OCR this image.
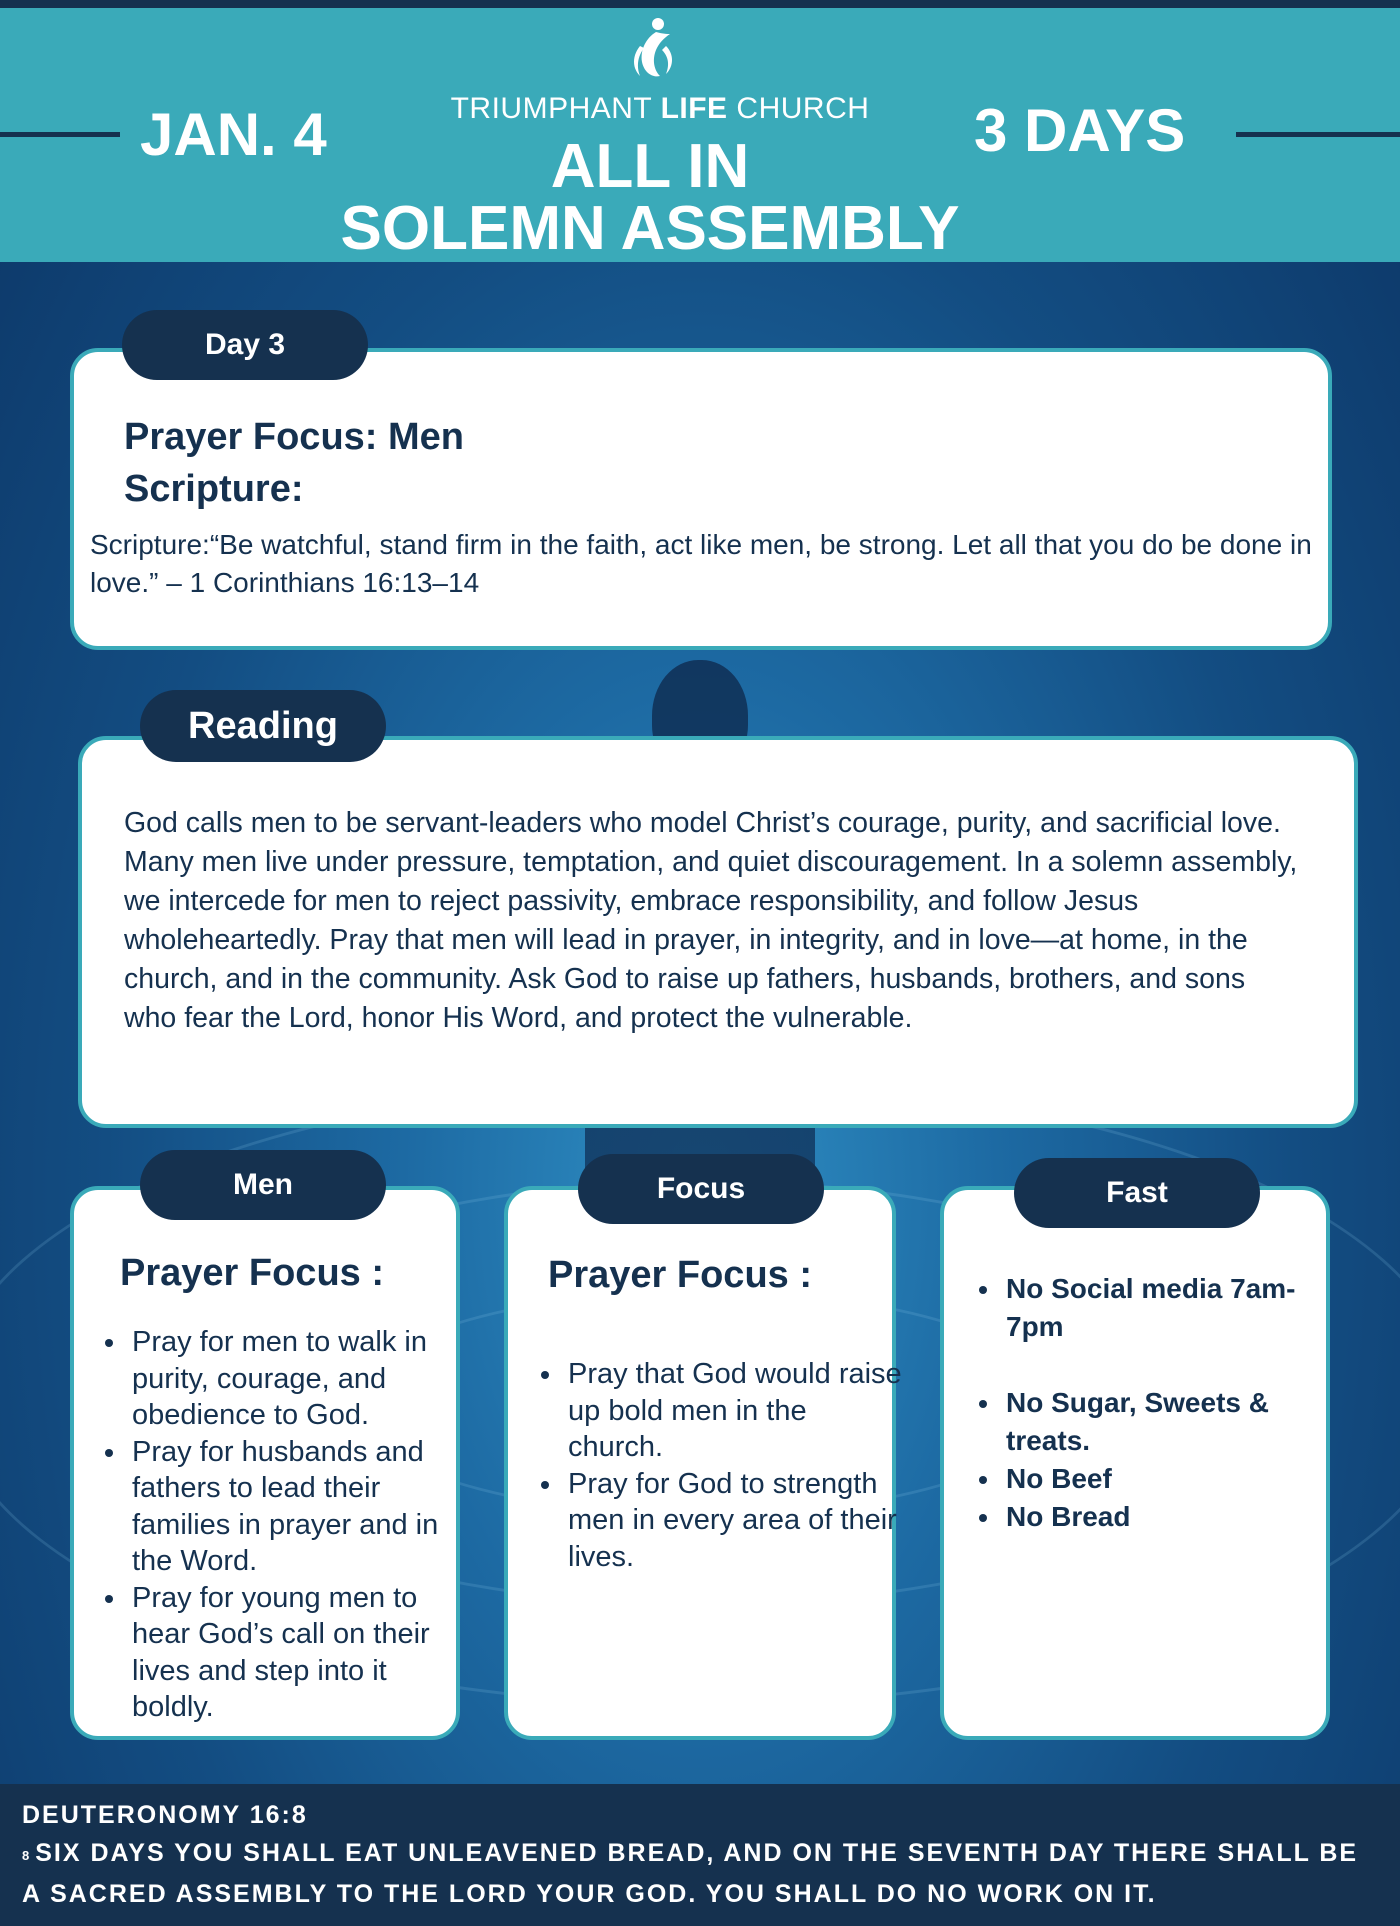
TRIUMPHANT LIFE CHURCH
JAN. 4	3 DAYS
ALL IN
SOLEMN ASSEMBLY
Prayer Focus: Men
Scripture:
Scripture:“Be watchful, stand firm in the faith, act like men, be strong. Let all that you do be done in love.” – 1 Corinthians 16:13–14
Day 3
God calls men to be servant-leaders who model Christ’s courage, purity, and sacrificial love. Many men live under pressure, temptation, and quiet discouragement. In a solemn assembly, we intercede for men to reject passivity, embrace responsibility, and follow Jesus wholeheartedly. Pray that men will lead in prayer, in integrity, and in love—at home, in the church, and in the community. Ask God to raise up fathers, husbands, brothers, and sons who fear the Lord, honor His Word, and protect the vulnerable.
Reading
Prayer Focus :
• Pray for men to walk in purity, courage, and obedience to God.
• Pray for husbands and fathers to lead their families in prayer and in the Word.
• Pray for young men to hear God’s call on their lives and step into it boldly.
Men
Prayer Focus :
• Pray that God would raise up bold men in the church.
• Pray for God to strength men in every area of their lives.
Focus
• No Social media 7am-7pm
• No Sugar, Sweets & treats.
• No Beef
• No Bread
Fast
DEUTERONOMY 16:8
$^8$ SIX DAYS YOU SHALL EAT UNLEAVENED BREAD, AND ON THE SEVENTH DAY THERE SHALL BE A SACRED ASSEMBLY TO THE LORD YOUR GOD. YOU SHALL DO NO WORK ON IT.
